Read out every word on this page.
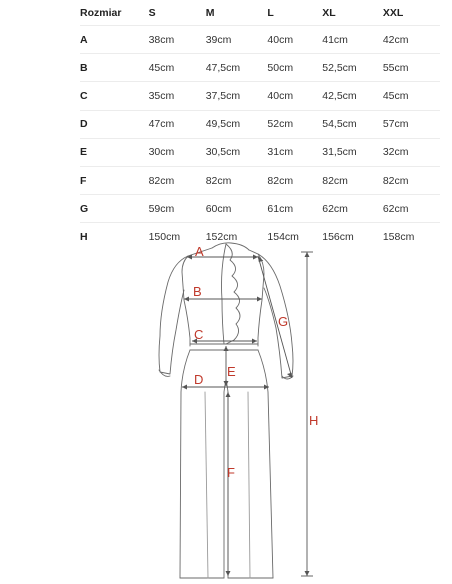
Rozmiar	S	M	L	XL	XXL
A	38cm	39cm	40cm	41cm	42cm
B	45cm	47,5cm	50cm	52,5cm	55cm
C	35cm	37,5cm	40cm	42,5cm	45cm
D	47cm	49,5cm	52cm	54,5cm	57cm
E	30cm	30,5cm	31cm	31,5cm	32cm
F	82cm	82cm	82cm	82cm	82cm
G	59cm	60cm	61cm	62cm	62cm
H	150cm	152cm	154cm	156cm	158cm
A
B
C
D
E
F
G
H
